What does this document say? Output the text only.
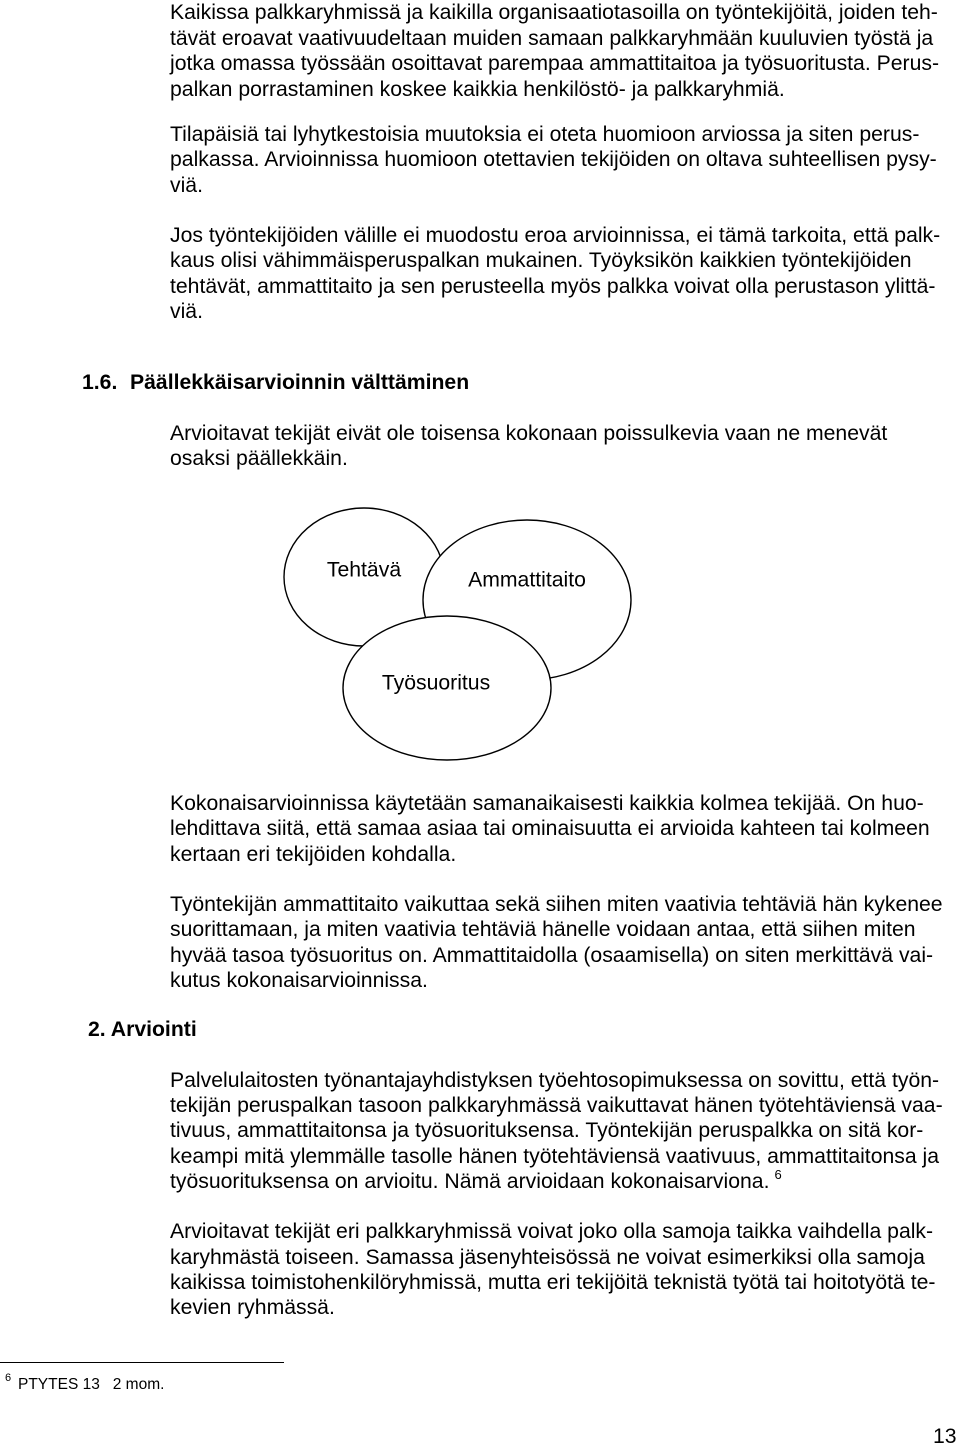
Kaikissa palkkaryhmissä ja kaikilla organisaatiotasoilla on työntekijöitä, joiden teh-
tävät eroavat vaativuudeltaan muiden samaan palkkaryhmään kuuluvien työstä ja
jotka omassa työssään osoittavat parempaa ammattitaitoa ja työsuoritusta. Perus-
palkan porrastaminen koskee kaikkia henkilöstö- ja palkkaryhmiä.
Tilapäisiä tai lyhytkestoisia muutoksia ei oteta huomioon arviossa ja siten perus-
palkassa. Arvioinnissa huomioon otettavien tekijöiden on oltava suhteellisen pysy-
viä.
Jos työntekijöiden välille ei muodostu eroa arvioinnissa, ei tämä tarkoita, että palk-
kaus olisi vähimmäisperuspalkan mukainen. Työyksikön kaikkien työntekijöiden
tehtävät, ammattitaito ja sen perusteella myös palkka voivat olla perustason ylittä-
viä.
1.6. Päällekkäisarvioinnin välttäminen
Arvioitavat tekijät eivät ole toisensa kokonaan poissulkevia vaan ne menevät
osaksi päällekkäin.
Tehtävä	Ammattitaito
Työsuoritus
Kokonaisarvioinnissa käytetään samanaikaisesti kaikkia kolmea tekijää. On huo-
lehdittava siitä, että samaa asiaa tai ominaisuutta ei arvioida kahteen tai kolmeen
kertaan eri tekijöiden kohdalla.
Työntekijän ammattitaito vaikuttaa sekä siihen miten vaativia tehtäviä hän kykenee
suorittamaan, ja miten vaativia tehtäviä hänelle voidaan antaa, että siihen miten
hyvää tasoa työsuoritus on. Ammattitaidolla (osaamisella) on siten merkittävä vai-
kutus kokonaisarvioinnissa.
2. Arviointi
Palvelulaitosten työnantajayhdistyksen työehtosopimuksessa on sovittu, että työn-
tekijän peruspalkan tasoon palkkaryhmässä vaikuttavat hänen työtehtäviensä vaa-
tivuus, ammattitaitonsa ja työsuorituksensa. Työntekijän peruspalkka on sitä kor-
keampi mitä ylemmälle tasolle hänen työtehtäviensä vaativuus, ammattitaitonsa ja
työsuorituksensa on arvioitu. Nämä arvioidaan kokonaisarviona. $^6$
Arvioitavat tekijät eri palkkaryhmissä voivat joko olla samoja taikka vaihdella palk-
karyhmästä toiseen. Samassa jäsenyhteisössä ne voivat esimerkiksi olla samoja
kaikissa toimistohenkilöryhmissä, mutta eri tekijöitä teknistä työtä tai hoitotyötä te-
kevien ryhmässä.
6 PTYTES 13   2 mom.
13
